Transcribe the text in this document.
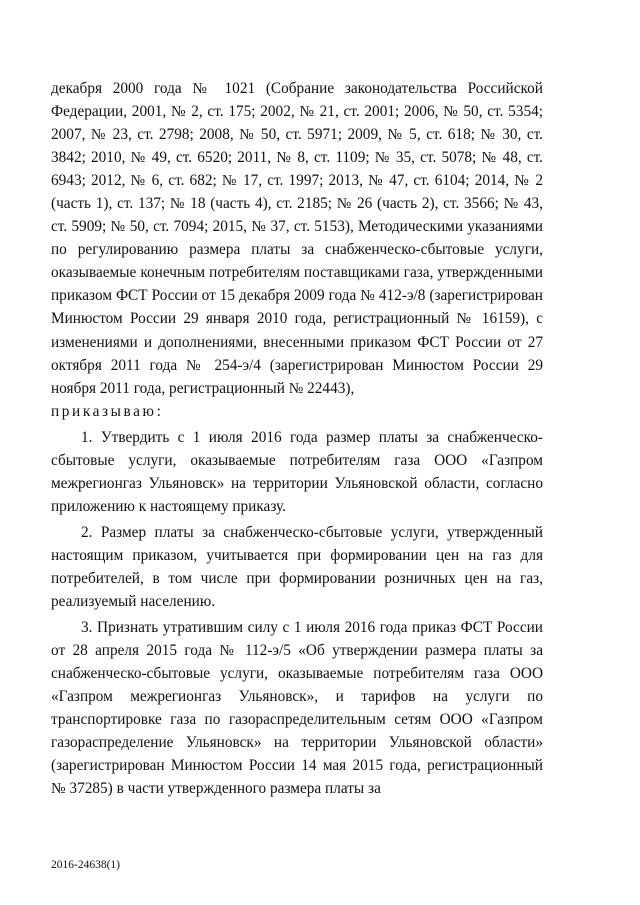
декабря 2000 года № 1021 (Собрание законодательства Российской Федерации, 2001, № 2, ст. 175; 2002, № 21, ст. 2001; 2006, № 50, ст. 5354; 2007, № 23, ст. 2798; 2008, № 50, ст. 5971; 2009, № 5, ст. 618; № 30, ст. 3842; 2010, № 49, ст. 6520; 2011, № 8, ст. 1109; № 35, ст. 5078; № 48, ст. 6943; 2012, № 6, ст. 682; № 17, ст. 1997; 2013, № 47, ст. 6104; 2014, № 2 (часть 1), ст. 137; № 18 (часть 4), ст. 2185; № 26 (часть 2), ст. 3566; № 43, ст. 5909; № 50, ст. 7094; 2015, № 37, ст. 5153), Методическими указаниями по регулированию размера платы за снабженческо-сбытовые услуги, оказываемые конечным потребителям поставщиками газа, утвержденными приказом ФСТ России от 15 декабря 2009 года № 412-э/8 (зарегистрирован Минюстом России 29 января 2010 года, регистрационный № 16159), с изменениями и дополнениями, внесенными приказом ФСТ России от 27 октября 2011 года № 254-э/4 (зарегистрирован Минюстом России 29 ноября 2011 года, регистрационный № 22443),

приказываю:

1. Утвердить с 1 июля 2016 года размер платы за снабженческо-сбытовые услуги, оказываемые потребителям газа ООО «Газпром межрегионгаз Ульяновск» на территории Ульяновской области, согласно приложению к настоящему приказу.

2. Размер платы за снабженческо-сбытовые услуги, утвержденный настоящим приказом, учитывается при формировании цен на газ для потребителей, в том числе при формировании розничных цен на газ, реализуемый населению.

3. Признать утратившим силу с 1 июля 2016 года приказ ФСТ России от 28 апреля 2015 года № 112-э/5 «Об утверждении размера платы за снабженческо-сбытовые услуги, оказываемые потребителям газа ООО «Газпром межрегионгаз Ульяновск», и тарифов на услуги по транспортировке газа по газораспределительным сетям ООО «Газпром газораспределение Ульяновск» на территории Ульяновской области» (зарегистрирован Минюстом России 14 мая 2015 года, регистрационный № 37285) в части утвержденного размера платы за

2016-24638(1)
